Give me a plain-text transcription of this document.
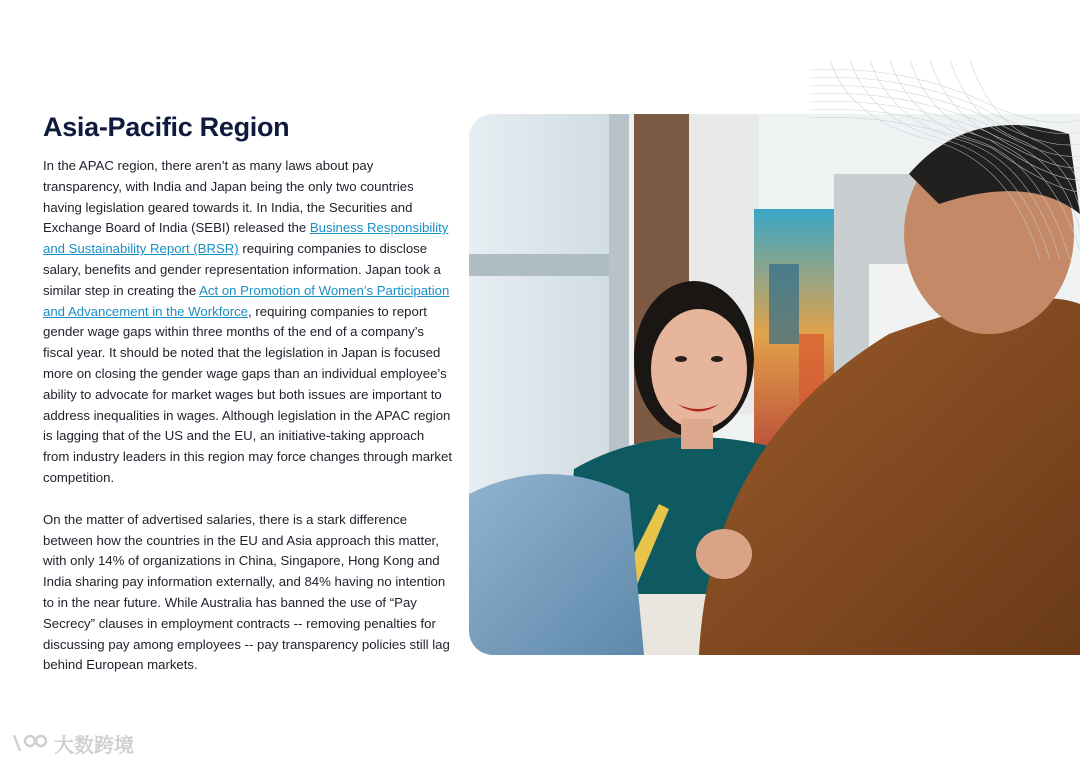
Asia-Pacific Region

In the APAC region, there aren’t as many laws about pay transparency, with India and Japan being the only two countries having legislation geared towards it. In India, the Securities and Exchange Board of India (SEBI) released the Business Responsibility and Sustainability Report (BRSR) requiring companies to disclose salary, benefits and gender representation information. Japan took a similar step in creating the Act on Promotion of Women’s Participation and Advancement in the Workforce, requiring companies to report gender wage gaps within three months of the end of a company’s fiscal year. It should be noted that the legislation in Japan is focused more on closing the gender wage gaps than an individual employee’s ability to advocate for market wages but both issues are important to address inequalities in wages. Although legislation in the APAC region is lagging that of the US and the EU, an initiative-taking approach from industry leaders in this region may force changes through market competition.

On the matter of advertised salaries, there is a stark difference between how the countries in the EU and Asia approach this matter, with only 14% of organizations in China, Singapore, Hong Kong and India sharing pay information externally, and 84% having no intention to in the near future. While Australia has banned the use of “Pay Secrecy” clauses in employment contracts -- removing penalties for discussing pay among employees -- pay transparency policies still lag behind European markets.

大数跨境
